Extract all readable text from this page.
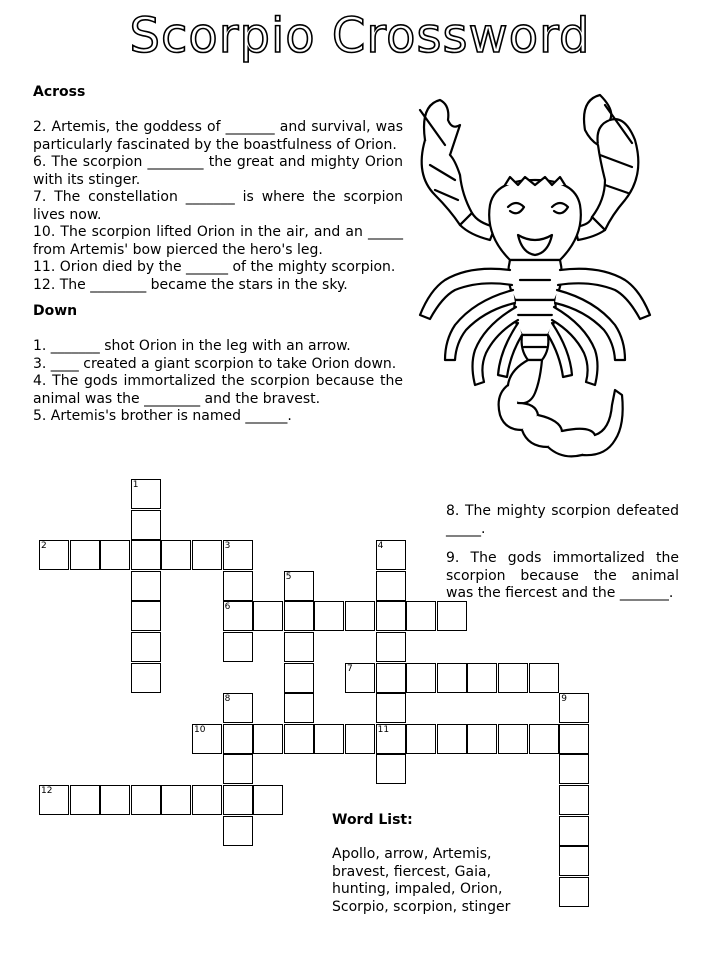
Scorpio Crossword
Across

2. Artemis, the goddess of _______ and survival, was particularly fascinated by the boastfulness of Orion.

6. The scorpion ________ the great and mighty Orion with its stinger.

7. The constellation _______ is where the scorpion lives now.

10. The scorpion lifted Orion in the air, and an _____ from Artemis' bow pierced the hero's leg.

11. Orion died by the ______ of the mighty scorpion.

12. The ________ became the stars in the sky.

Down

1. _______ shot Orion in the leg with an arrow.

3. ____ created a giant scorpion to take Orion down.

4. The gods immortalized the scorpion because the animal was the ________ and the bravest.

5. Artemis's brother is named ______.

8. The mighty scorpion defeated _____.

9. The gods immortalized the scorpion because the animal was the fiercest and the _______.

1
2	3	4
5
6
7
8	9
10	11
12
Word List:
Apollo, arrow, Artemis, bravest, fiercest, Gaia, hunting, impaled, Orion, Scorpio, scorpion, stinger
